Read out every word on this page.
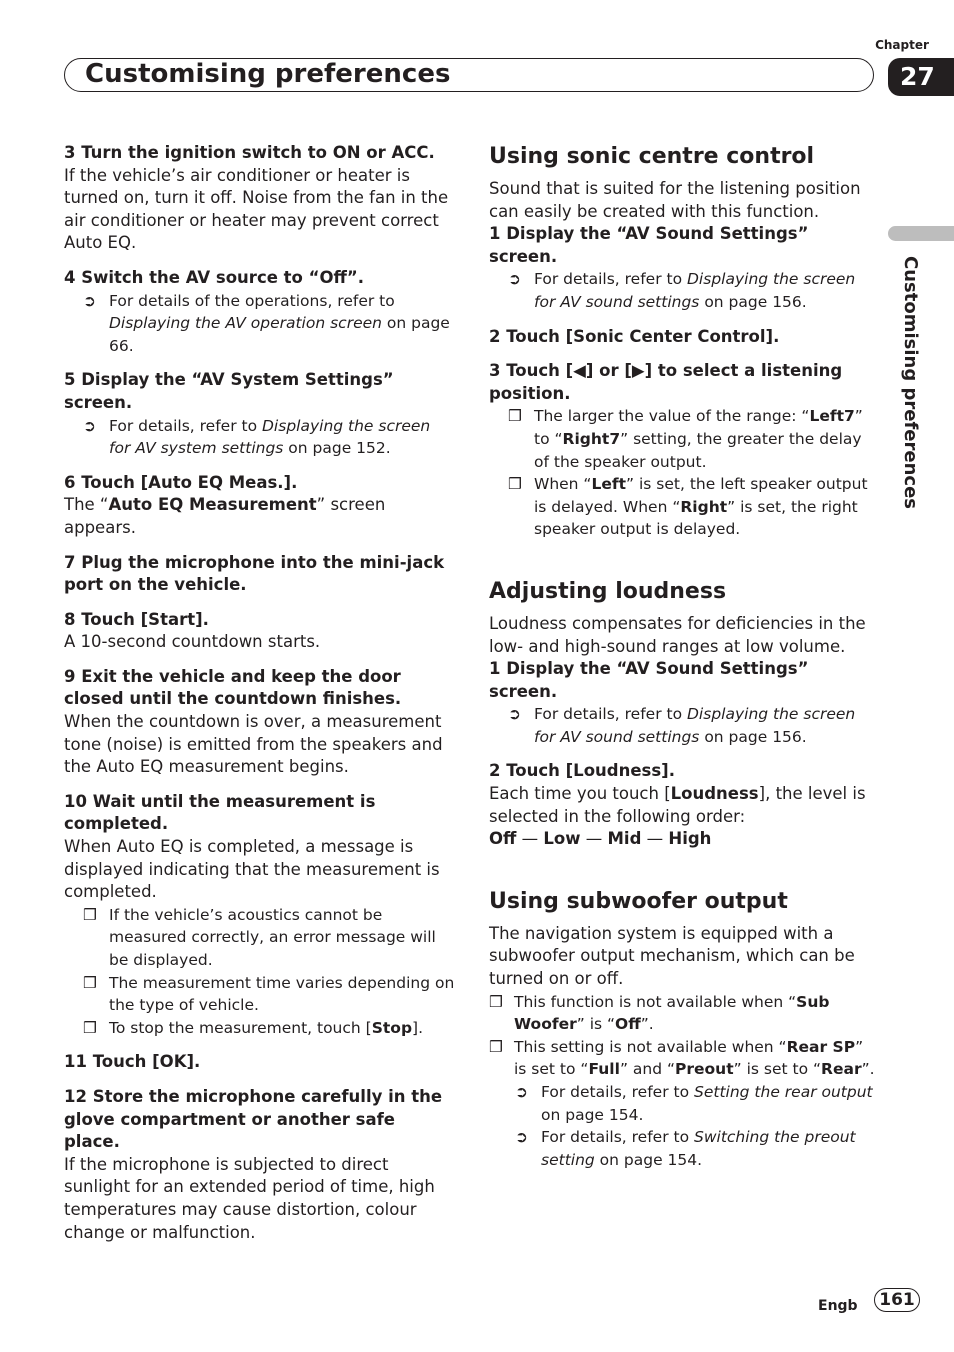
Chapter
27
Customising preferences
Customising preferences

3 Turn the ignition switch to ON or ACC.

If the vehicle’s air conditioner or heater is turned on, turn it off. Noise from the fan in the air conditioner or heater may prevent correct Auto EQ.

4 Switch the AV source to “Off”.

➲ For details of the operations, refer to Displaying the AV operation screen on page 66.

5 Display the “AV System Settings” screen.

➲ For details, refer to Displaying the screen for AV system settings on page 152.

6 Touch [Auto EQ Meas.].

The “Auto EQ Measurement” screen appears.

7 Plug the microphone into the mini-jack port on the vehicle.

8 Touch [Start].

A 10-second countdown starts.

9 Exit the vehicle and keep the door closed until the countdown finishes.

When the countdown is over, a measurement tone (noise) is emitted from the speakers and the Auto EQ measurement begins.

10 Wait until the measurement is completed.

When Auto EQ is completed, a message is displayed indicating that the measurement is completed.

❒ If the vehicle’s acoustics cannot be measured correctly, an error message will be displayed.

❒ The measurement time varies depending on the type of vehicle.

❒ To stop the measurement, touch [Stop].

11 Touch [OK].

12 Store the microphone carefully in the glove compartment or another safe place.

If the microphone is subjected to direct sunlight for an extended period of time, high temperatures may cause distortion, colour change or malfunction.

Using sonic centre control

Sound that is suited for the listening position can easily be created with this function.

1 Display the “AV Sound Settings” screen.

➲ For details, refer to Displaying the screen for AV sound settings on page 156.

2 Touch [Sonic Center Control].

3 Touch [◀] or [▶] to select a listening position.

❒ The larger the value of the range: “Left7” to “Right7” setting, the greater the delay of the speaker output.

❒ When “Left” is set, the left speaker output is delayed. When “Right” is set, the right speaker output is delayed.

Adjusting loudness

Loudness compensates for deficiencies in the low- and high-sound ranges at low volume.

1 Display the “AV Sound Settings” screen.

➲ For details, refer to Displaying the screen for AV sound settings on page 156.

2 Touch [Loudness].

Each time you touch [Loudness], the level is selected in the following order:

Off — Low — Mid — High

Using subwoofer output

The navigation system is equipped with a subwoofer output mechanism, which can be turned on or off.

❒ This function is not available when “Sub Woofer” is “Off”.

❒ This setting is not available when “Rear SP” is set to “Full” and “Preout” is set to “Rear”.

➲ For details, refer to Setting the rear output on page 154.

➲ For details, refer to Switching the preout setting on page 154.

Engb	161
